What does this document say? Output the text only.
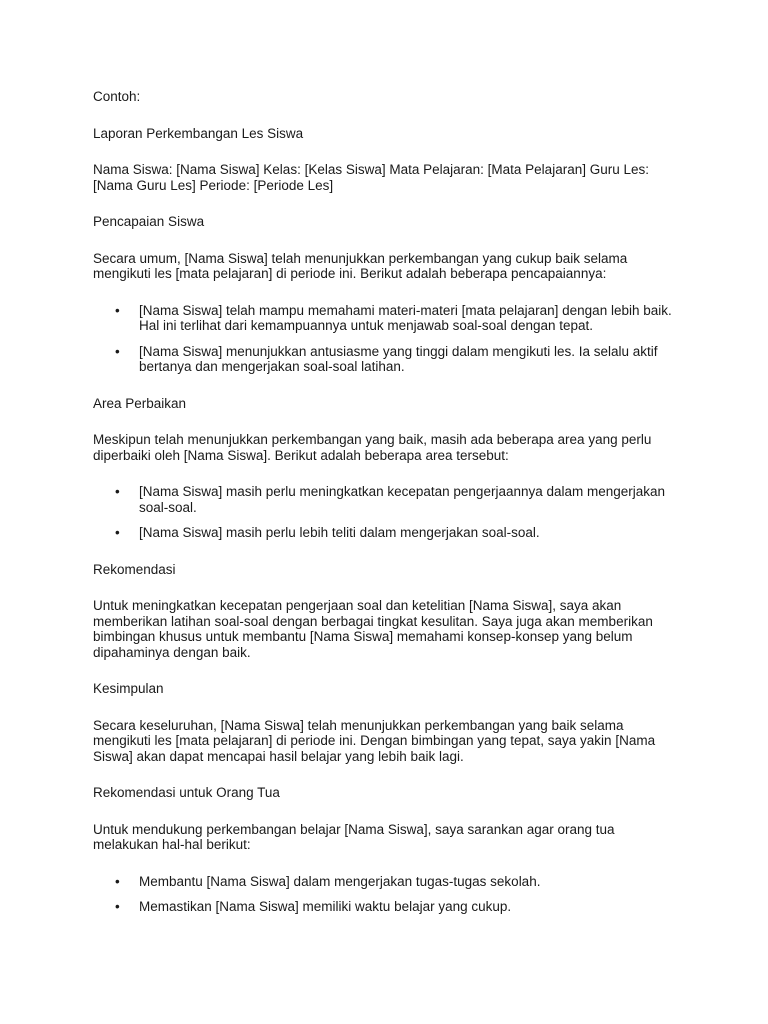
Contoh:

Laporan Perkembangan Les Siswa

Nama Siswa: [Nama Siswa] Kelas: [Kelas Siswa] Mata Pelajaran: [Mata Pelajaran] Guru Les: [Nama Guru Les] Periode: [Periode Les]

Pencapaian Siswa

Secara umum, [Nama Siswa] telah menunjukkan perkembangan yang cukup baik selama mengikuti les [mata pelajaran] di periode ini. Berikut adalah beberapa pencapaiannya:

• [Nama Siswa] telah mampu memahami materi-materi [mata pelajaran] dengan lebih baik. Hal ini terlihat dari kemampuannya untuk menjawab soal-soal dengan tepat.
• [Nama Siswa] menunjukkan antusiasme yang tinggi dalam mengikuti les. Ia selalu aktif bertanya dan mengerjakan soal-soal latihan.

Area Perbaikan

Meskipun telah menunjukkan perkembangan yang baik, masih ada beberapa area yang perlu diperbaiki oleh [Nama Siswa]. Berikut adalah beberapa area tersebut:

• [Nama Siswa] masih perlu meningkatkan kecepatan pengerjaannya dalam mengerjakan soal-soal.
• [Nama Siswa] masih perlu lebih teliti dalam mengerjakan soal-soal.

Rekomendasi

Untuk meningkatkan kecepatan pengerjaan soal dan ketelitian [Nama Siswa], saya akan memberikan latihan soal-soal dengan berbagai tingkat kesulitan. Saya juga akan memberikan bimbingan khusus untuk membantu [Nama Siswa] memahami konsep-konsep yang belum dipahaminya dengan baik.

Kesimpulan

Secara keseluruhan, [Nama Siswa] telah menunjukkan perkembangan yang baik selama mengikuti les [mata pelajaran] di periode ini. Dengan bimbingan yang tepat, saya yakin [Nama Siswa] akan dapat mencapai hasil belajar yang lebih baik lagi.

Rekomendasi untuk Orang Tua

Untuk mendukung perkembangan belajar [Nama Siswa], saya sarankan agar orang tua melakukan hal-hal berikut:

• Membantu [Nama Siswa] dalam mengerjakan tugas-tugas sekolah.
• Memastikan [Nama Siswa] memiliki waktu belajar yang cukup.
